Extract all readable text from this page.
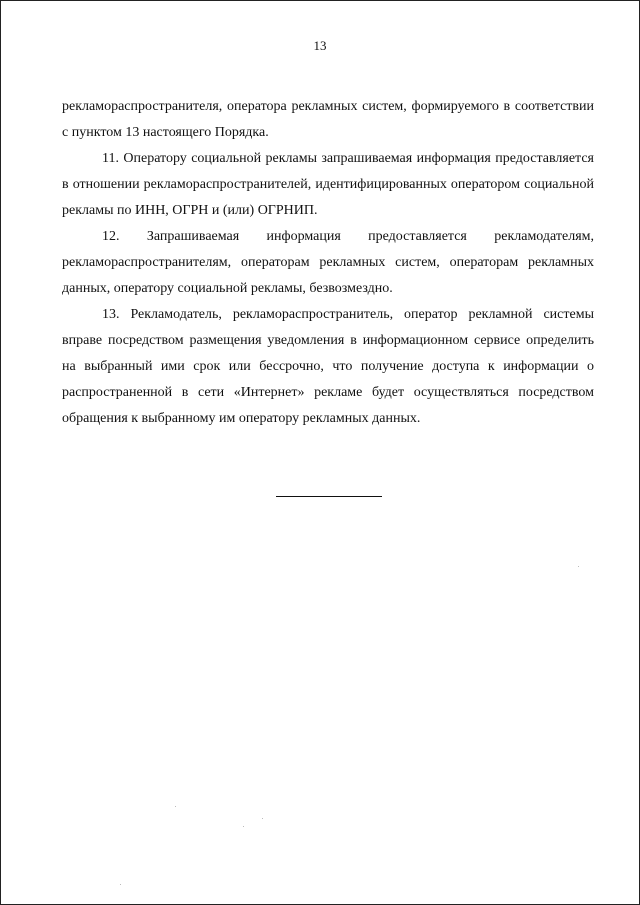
13

рекламораспространителя, оператора рекламных систем, формируемого в соответствии с пунктом 13 настоящего Порядка.

11. Оператору социальной рекламы запрашиваемая информация предоставляется в отношении рекламораспространителей, идентифицированных оператором социальной рекламы по ИНН, ОГРН и (или) ОГРНИП.

12. Запрашиваемая информация предоставляется рекламодателям, рекламораспространителям, операторам рекламных систем, операторам рекламных данных, оператору социальной рекламы, безвозмездно.

13. Рекламодатель, рекламораспространитель, оператор рекламной системы вправе посредством размещения уведомления в информационном сервисе определить на выбранный ими срок или бессрочно, что получение доступа к информации о распространенной в сети «Интернет» рекламе будет осуществляться посредством обращения к выбранному им оператору рекламных данных.
